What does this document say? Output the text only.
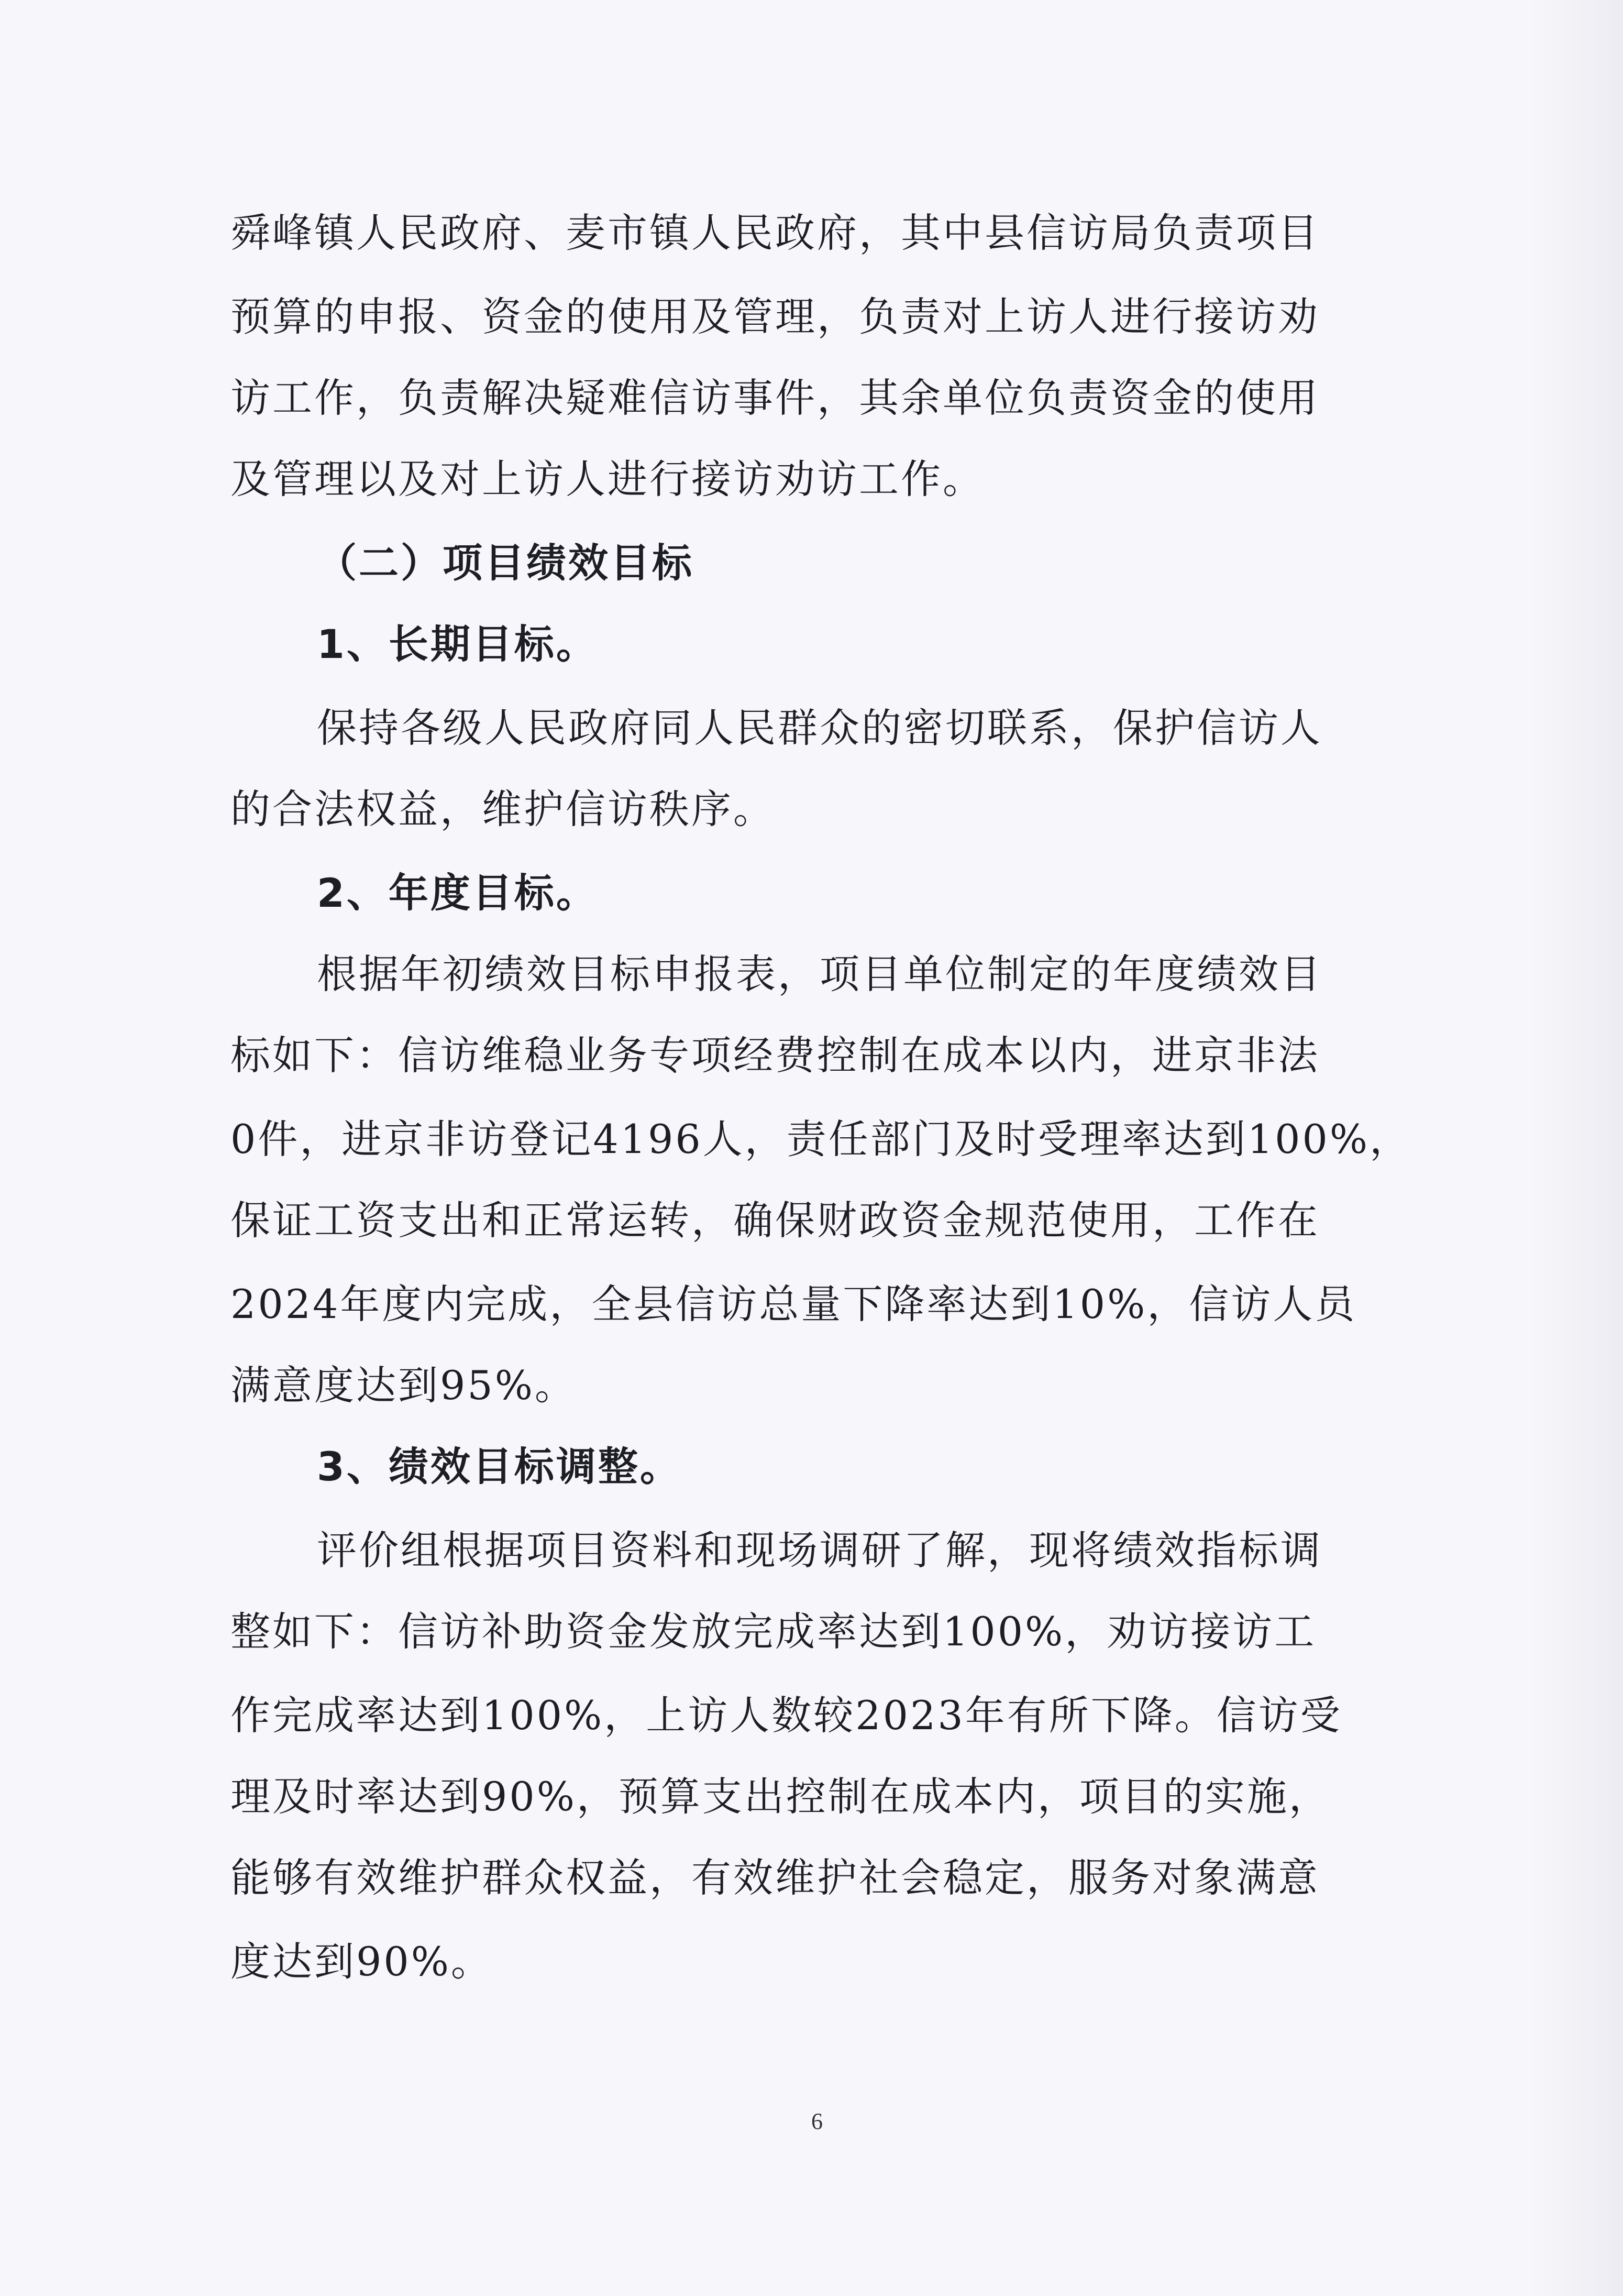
舜峰镇人民政府、麦市镇人民政府，其中县信访局负责项目
预算的申报、资金的使用及管理，负责对上访人进行接访劝
访工作，负责解决疑难信访事件，其余单位负责资金的使用
及管理以及对上访人进行接访劝访工作。
（二）项目绩效目标
1、长期目标。
保持各级人民政府同人民群众的密切联系，保护信访人
的合法权益，维护信访秩序。
2、年度目标。
根据年初绩效目标申报表，项目单位制定的年度绩效目
标如下：信访维稳业务专项经费控制在成本以内，进京非法
0件，进京非访登记4196人，责任部门及时受理率达到100%，
保证工资支出和正常运转，确保财政资金规范使用，工作在
2024年度内完成，全县信访总量下降率达到10%，信访人员
满意度达到95%。
3、绩效目标调整。
评价组根据项目资料和现场调研了解，现将绩效指标调
整如下：信访补助资金发放完成率达到100%，劝访接访工
作完成率达到100%，上访人数较2023年有所下降。信访受
理及时率达到90%，预算支出控制在成本内，项目的实施，
能够有效维护群众权益，有效维护社会稳定，服务对象满意
度达到90%。
6
